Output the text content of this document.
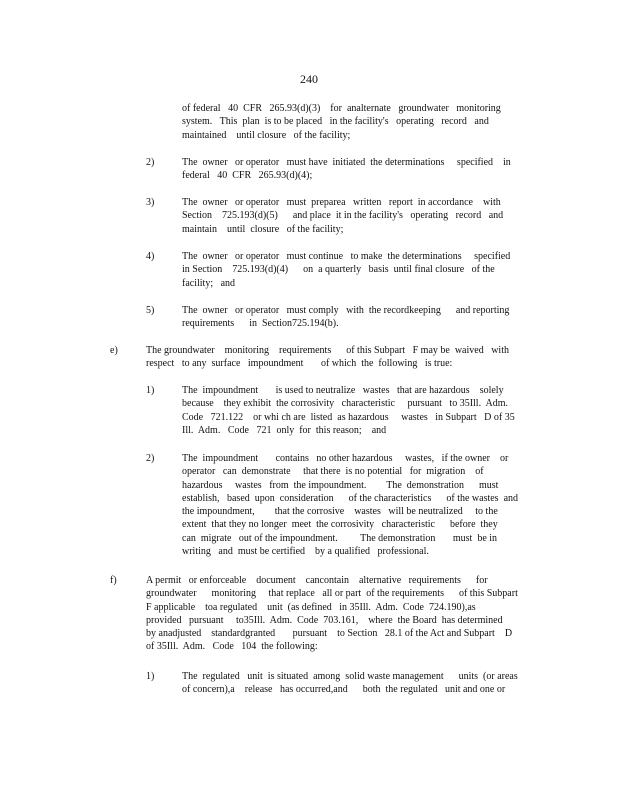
240
of federal   40  CFR   265.93(d)(3)    for  analternate   groundwater   monitoring
system.   This  plan  is to be placed   in the facility's   operating   record   and
maintained    until closure   of the facility;
2)	The  owner   or operator   must have  initiated  the determinations     specified    in
federal   40  CFR   265.93(d)(4);
3)	The  owner   or operator   must  preparea   written   report  in accordance    with
Section    725.193(d)(5)      and place  it in the facility's   operating   record   and
maintain    until  closure   of the facility;
4)	The  owner   or operator   must continue   to make  the determinations     specified
in Section    725.193(d)(4)      on  a quarterly   basis  until final closure   of the
facility;   and
5)	The  owner   or operator   must comply   with  the recordkeeping      and reporting
requirements      in  Section725.194(b).
e)	The groundwater    monitoring    requirements      of this Subpart   F may be  waived   with
respect   to any  surface   impoundment       of which  the  following   is true:
1)	The  impoundment       is used to neutralize   wastes   that are hazardous    solely
because    they exhibit  the corrosivity   characteristic     pursuant   to 35Ill.  Adm.
Code   721.122    or whi ch are  listed  as hazardous     wastes   in Subpart   D of 35
Ill.  Adm.   Code   721  only  for  this reason;    and
2)	The  impoundment       contains   no other hazardous     wastes,   if the owner    or
operator   can  demonstrate     that there  is no potential   for  migration    of
hazardous     wastes   from  the impoundment.        The  demonstration      must
establish,   based  upon  consideration      of the characteristics      of the wastes  and
the impoundment,        that the corrosive    wastes   will be neutralized     to the
extent  that they no longer  meet  the corrosivity   characteristic      before  they
can  migrate   out of the impoundment.         The demonstration       must  be in
writing   and  must be certified    by a qualified   professional.
f)	A permit   or enforceable    document    cancontain    alternative   requirements      for
groundwater      monitoring     that replace   all or part  of the requirements      of this Subpart
F applicable    toa regulated    unit  (as defined   in 35Ill.  Adm.  Code  724.190),as
provided   pursuant     to35Ill.  Adm.  Code  703.161,    where  the Board  has determined
by anadjusted    standardgranted       pursuant    to Section   28.1 of the Act and Subpart    D
of 35Ill.  Adm.   Code   104  the following:
1)	The  regulated   unit  is situated  among  solid waste management      units  (or areas
of concern),a    release   has occurred,and      both  the regulated   unit and one or
